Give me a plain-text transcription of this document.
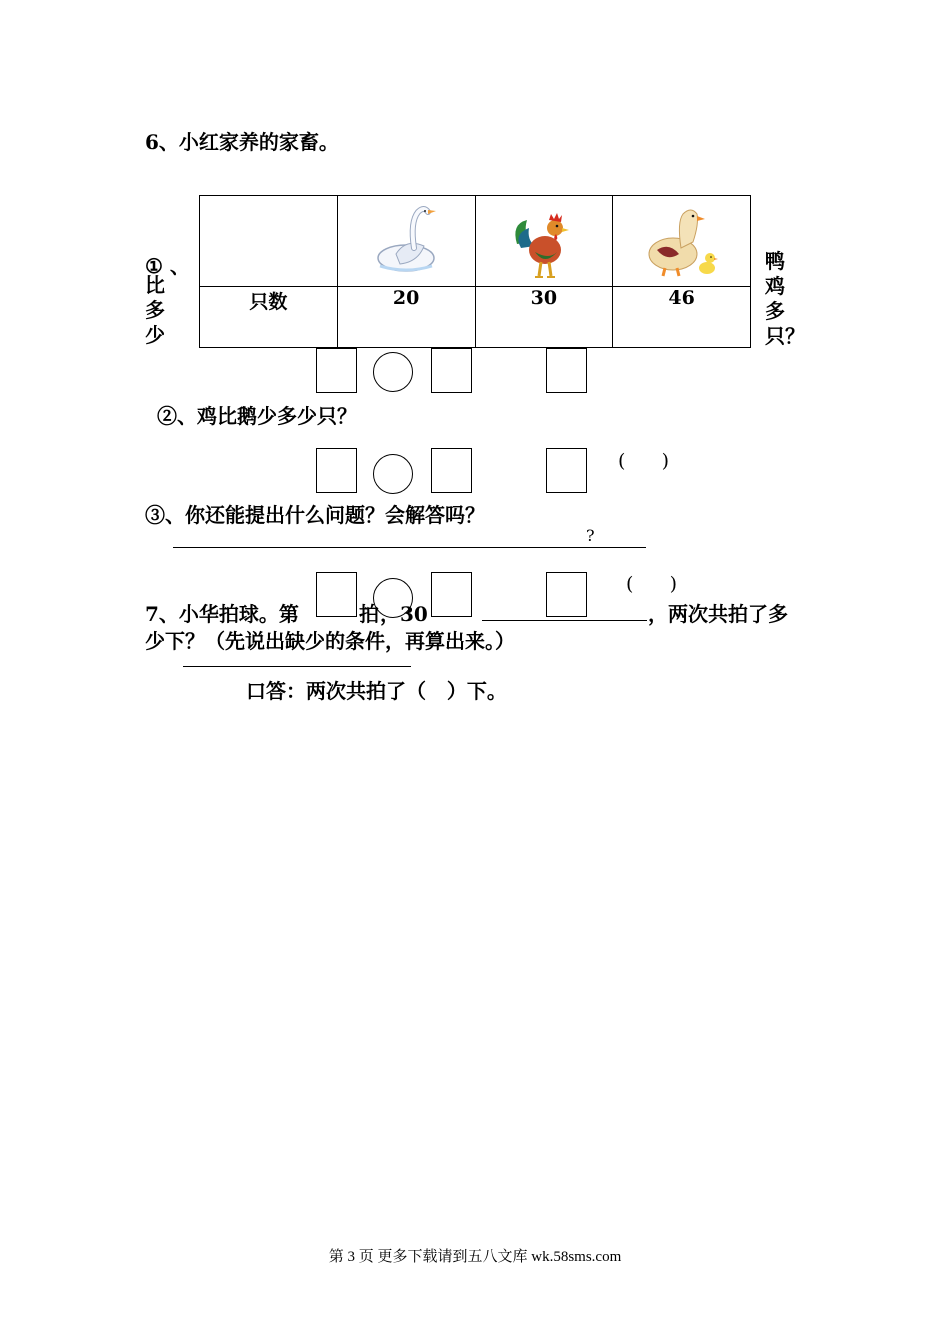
6、小红家养的家畜。

只数	20	30	46
① 、
比
多
少
鸭
鸡
多
只？
②、鸡比鹅少多少只？
(      )
③、你还能提出什么问题？会解答吗？
?
(      )
7、小华拍球。第	拍 ，30	，两次共拍了多
少下？（先说出缺少的条件，再算出来。）
口答：两次共拍了（   ）下。
第 3 页 更多下载请到五八文库 wk.58sms.com
